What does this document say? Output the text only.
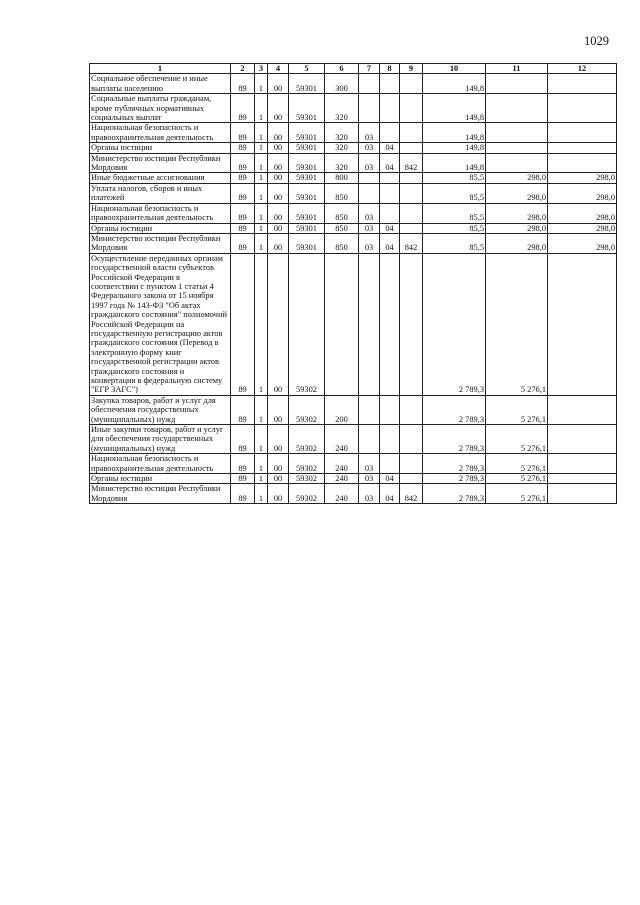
1029
1	2	3	4	5	6	7	8	9	10	11	12
Социальное обеспечение и иные выплаты населению	89	1	00	59301	300				149,8		
Социальные выплаты гражданам, кроме публичных нормативных социальных выплат	89	1	00	59301	320				149,8		
Национальная безопасность и правоохранительная деятельность	89	1	00	59301	320	03			149,8		
Органы юстиции	89	1	00	59301	320	03	04		149,8		
Министерство юстиции Республики Мордовия	89	1	00	59301	320	03	04	842	149,8		
Иные бюджетные ассигнования	89	1	00	59301	800				85,5	298,0	298,0
Уплата налогов, сборов и иных платежей	89	1	00	59301	850				85,5	298,0	298,0
Национальная безопасность и правоохранительная деятельность	89	1	00	59301	850	03			85,5	298,0	298,0
Органы юстиции	89	1	00	59301	850	03	04		85,5	298,0	298,0
Министерство юстиции Республики Мордовия	89	1	00	59301	850	03	04	842	85,5	298,0	298,0
Осуществление переданных органам государственной власти субъектов Российской Федерации в соответствии с пунктом 1 статьи 4 Федерального закона от 15 ноября 1997 года № 143-ФЗ "Об актах гражданского состояния" полномочий Российской Федерации на государственную регистрацию актов гражданского состояния (Перевод в электронную форму книг государственной регистрации актов гражданского состояния и конвертация в федеральную систему "ЕГР ЗАГС")	89	1	00	59302					2 789,3	5 276,1	
Закупка товаров, работ и услуг для обеспечения государственных (муниципальных) нужд	89	1	00	59302	200				2 789,3	5 276,1	
Иные закупки товаров, работ и услуг для обеспечения государственных (муниципальных) нужд	89	1	00	59302	240				2 789,3	5 276,1	
Национальная безопасность и правоохранительная деятельность	89	1	00	59302	240	03			2 789,3	5 276,1	
Органы юстиции	89	1	00	59302	240	03	04		2 789,3	5 276,1	
Министерство юстиции Республики Мордовия	89	1	00	59302	240	03	04	842	2 789,3	5 276,1	
